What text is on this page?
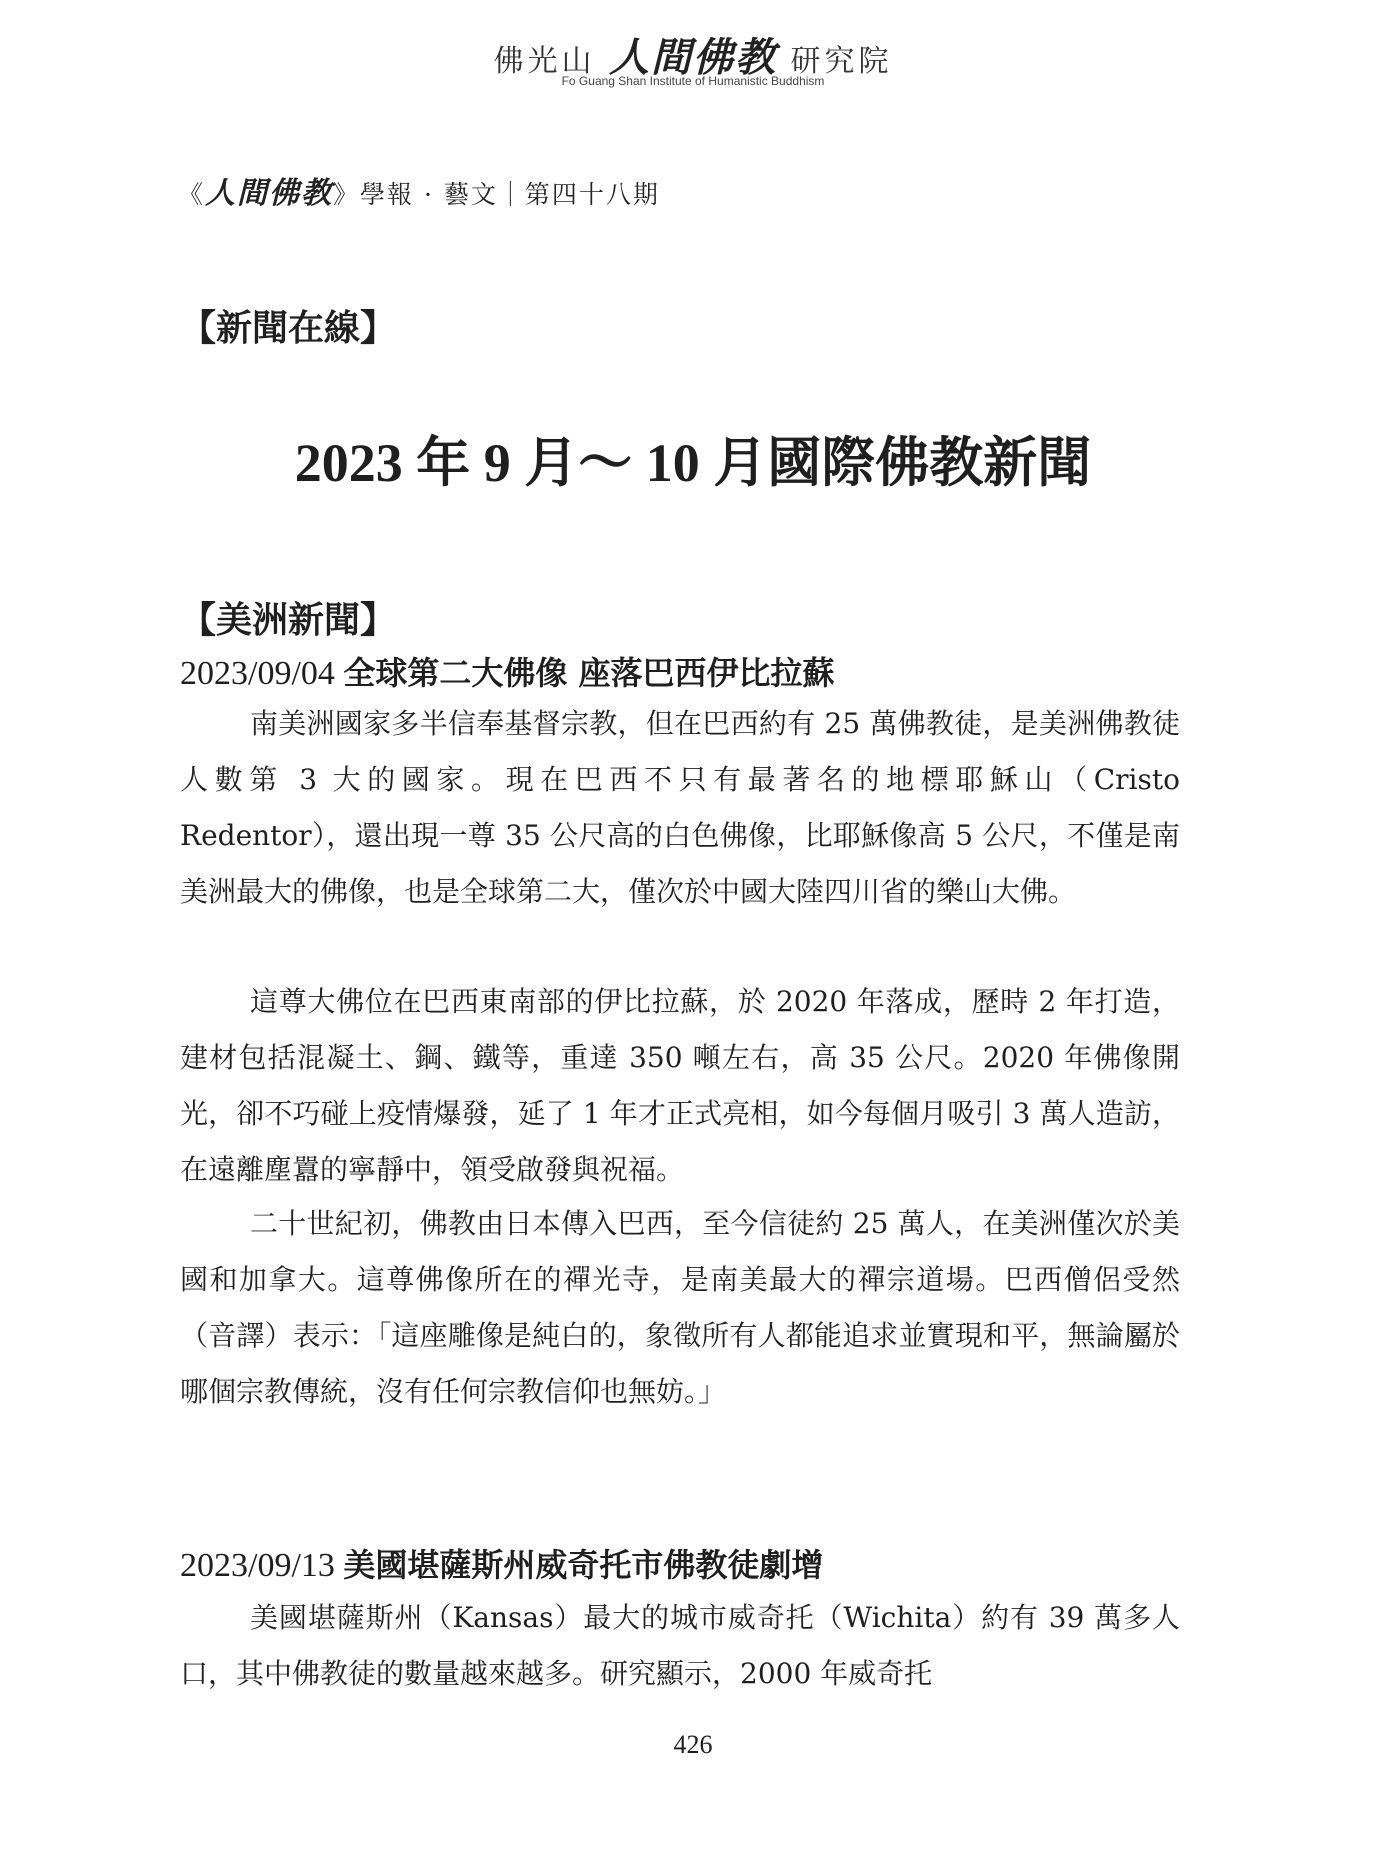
佛光山 人間佛教 研究院
Fo Guang Shan Institute of Humanistic Buddhism
《人間佛教》學報 · 藝文｜第四十八期
【新聞在線】
2023 年 9 月～ 10 月國際佛教新聞
【美洲新聞】
2023/09/04 全球第二大佛像 座落巴西伊比拉蘇

南美洲國家多半信奉基督宗教，但在巴西約有 25 萬佛教徒，是美洲佛教徒人數第 3 大的國家。現在巴西不只有最著名的地標耶穌山（Cristo Redentor），還出現一尊 35 公尺高的白色佛像，比耶穌像高 5 公尺，不僅是南美洲最大的佛像，也是全球第二大，僅次於中國大陸四川省的樂山大佛。

這尊大佛位在巴西東南部的伊比拉蘇，於 2020 年落成，歷時 2 年打造，建材包括混凝土、鋼、鐵等，重達 350 噸左右，高 35 公尺。2020 年佛像開光，卻不巧碰上疫情爆發，延了 1 年才正式亮相，如今每個月吸引 3 萬人造訪，在遠離塵囂的寧靜中，領受啟發與祝福。

二十世紀初，佛教由日本傳入巴西，至今信徒約 25 萬人，在美洲僅次於美國和加拿大。這尊佛像所在的禪光寺，是南美最大的禪宗道場。巴西僧侶受然（音譯）表示：「這座雕像是純白的，象徵所有人都能追求並實現和平，無論屬於哪個宗教傳統，沒有任何宗教信仰也無妨。」

2023/09/13 美國堪薩斯州威奇托市佛教徒劇增

美國堪薩斯州（Kansas）最大的城市威奇托（Wichita）約有 39 萬多人口，其中佛教徒的數量越來越多。研究顯示，2000 年威奇托

426
